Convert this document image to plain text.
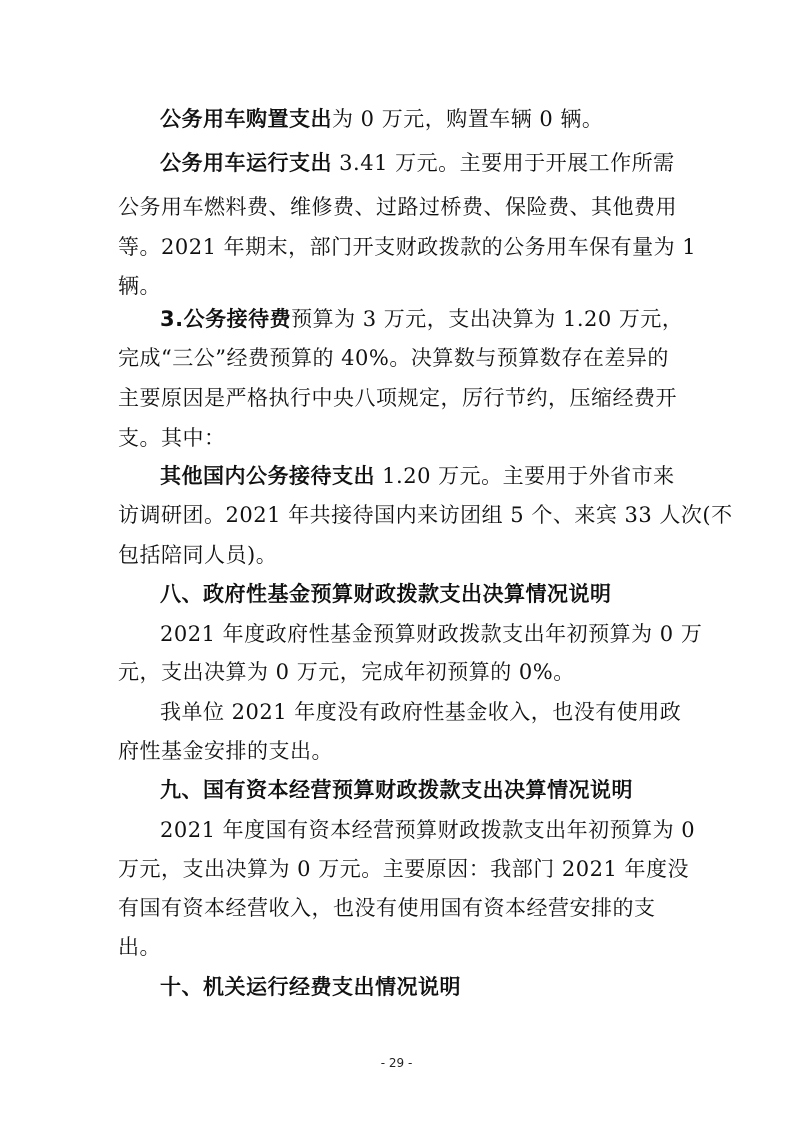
公务用车购置支出为 0 万元，购置车辆 0 辆。
公务用车运行支出 3.41 万元。主要用于开展工作所需
公务用车燃料费、维修费、过路过桥费、保险费、其他费用
等。2021 年期末，部门开支财政拨款的公务用车保有量为 1
辆。
3.公务接待费预算为 3 万元，支出决算为 1.20 万元，
完成“三公”经费预算的 40%。决算数与预算数存在差异的
主要原因是严格执行中央八项规定，厉行节约，压缩经费开
支。其中：
其他国内公务接待支出 1.20 万元。主要用于外省市来
访调研团。2021 年共接待国内来访团组 5 个、来宾 33 人次(不
包括陪同人员)。
八、政府性基金预算财政拨款支出决算情况说明
2021 年度政府性基金预算财政拨款支出年初预算为 0 万
元，支出决算为 0 万元，完成年初预算的 0%。
我单位 2021 年度没有政府性基金收入，也没有使用政
府性基金安排的支出。
九、国有资本经营预算财政拨款支出决算情况说明
2021 年度国有资本经营预算财政拨款支出年初预算为 0
万元，支出决算为 0 万元。主要原因：我部门 2021 年度没
有国有资本经营收入，也没有使用国有资本经营安排的支
出。
十、机关运行经费支出情况说明
- 29 -
